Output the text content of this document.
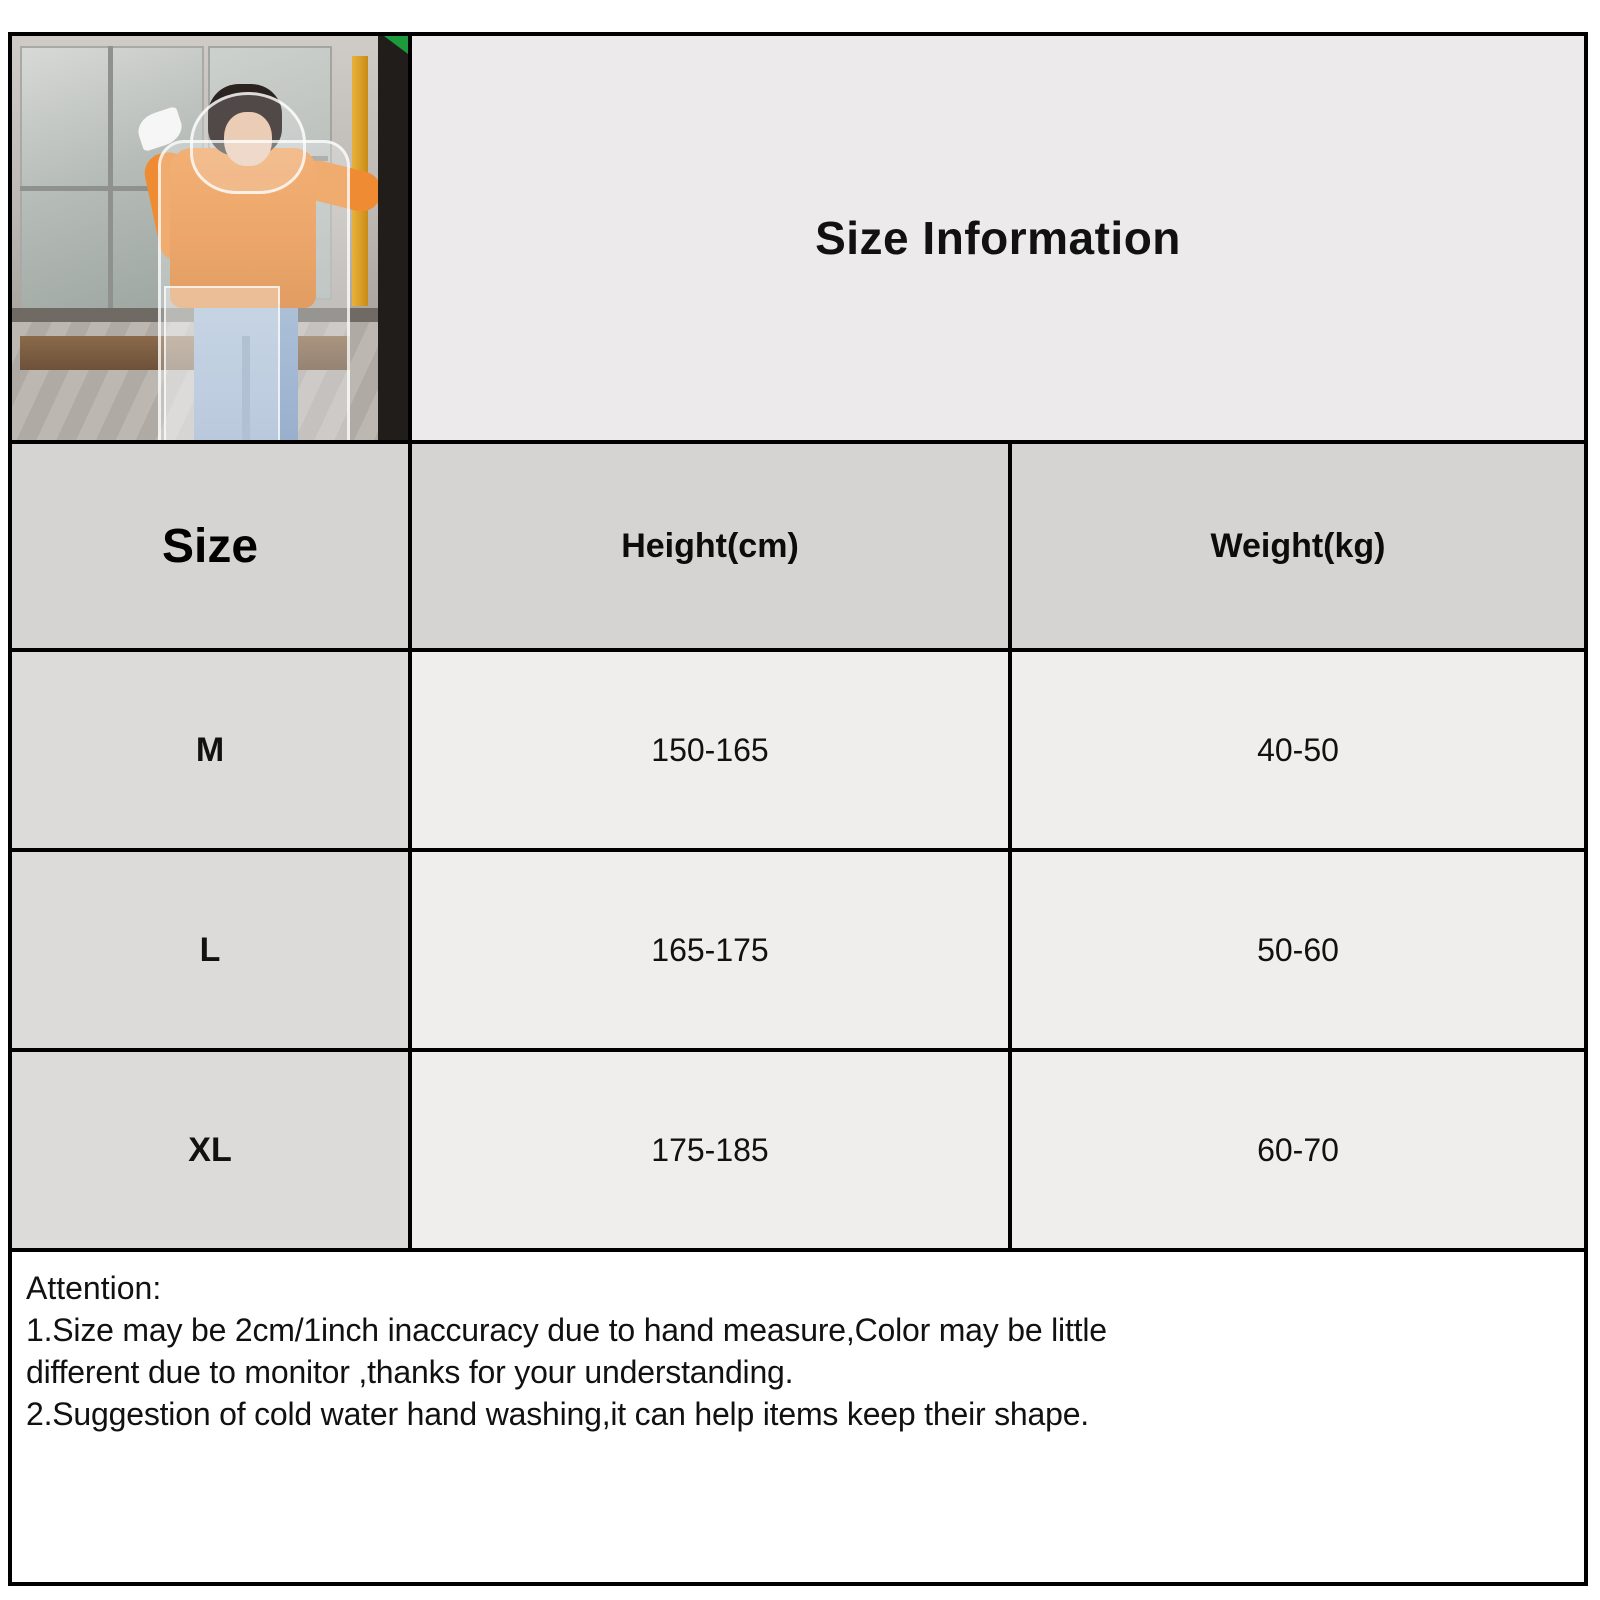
Size Information
Size	Height(cm)	Weight(kg)
M	150-165	40-50
L	165-175	50-60
XL	175-185	60-70
Attention:
1.Size may be 2cm/1inch inaccuracy due to hand measure,Color may be little
different due to monitor ,thanks for your understanding.
2.Suggestion of cold water hand washing,it can help items keep their shape.
